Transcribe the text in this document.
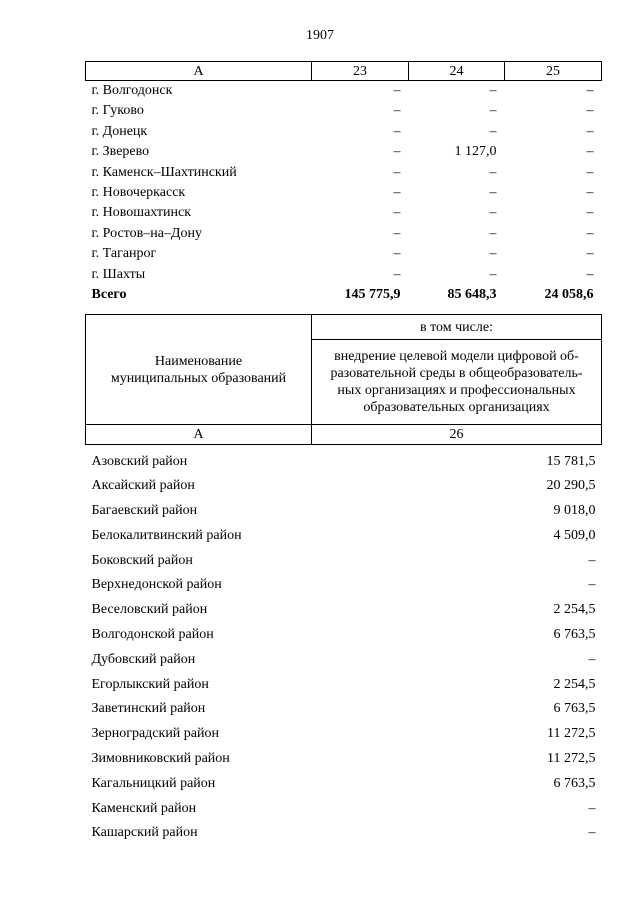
1907
А	23	24	25
г. Волгодонск	–	–	–
г. Гуково	–	–	–
г. Донецк	–	–	–
г. Зверево	–	1 127,0	–
г. Каменск–Шахтинский	–	–	–
г. Новочеркасск	–	–	–
г. Новошахтинск	–	–	–
г. Ростов–на–Дону	–	–	–
г. Таганрог	–	–	–
г. Шахты	–	–	–
Всего	145 775,9	85 648,3	24 058,6
Наименование муниципальных образований	в том числе:
	внедрение целевой модели цифровой об-
разовательной среды в общеобразователь-
ных организациях и профессиональных
образовательных организациях
А	26

Азовский район	15 781,5
Аксайский район	20 290,5
Багаевский район	9 018,0
Белокалитвинский район	4 509,0
Боковский район	–
Верхнедонской район	–
Веселовский район	2 254,5
Волгодонской район	6 763,5
Дубовский район	–
Егорлыкский район	2 254,5
Заветинский район	6 763,5
Зерноградский район	11 272,5
Зимовниковский район	11 272,5
Кагальницкий район	6 763,5
Каменский район	–
Кашарский район	–
